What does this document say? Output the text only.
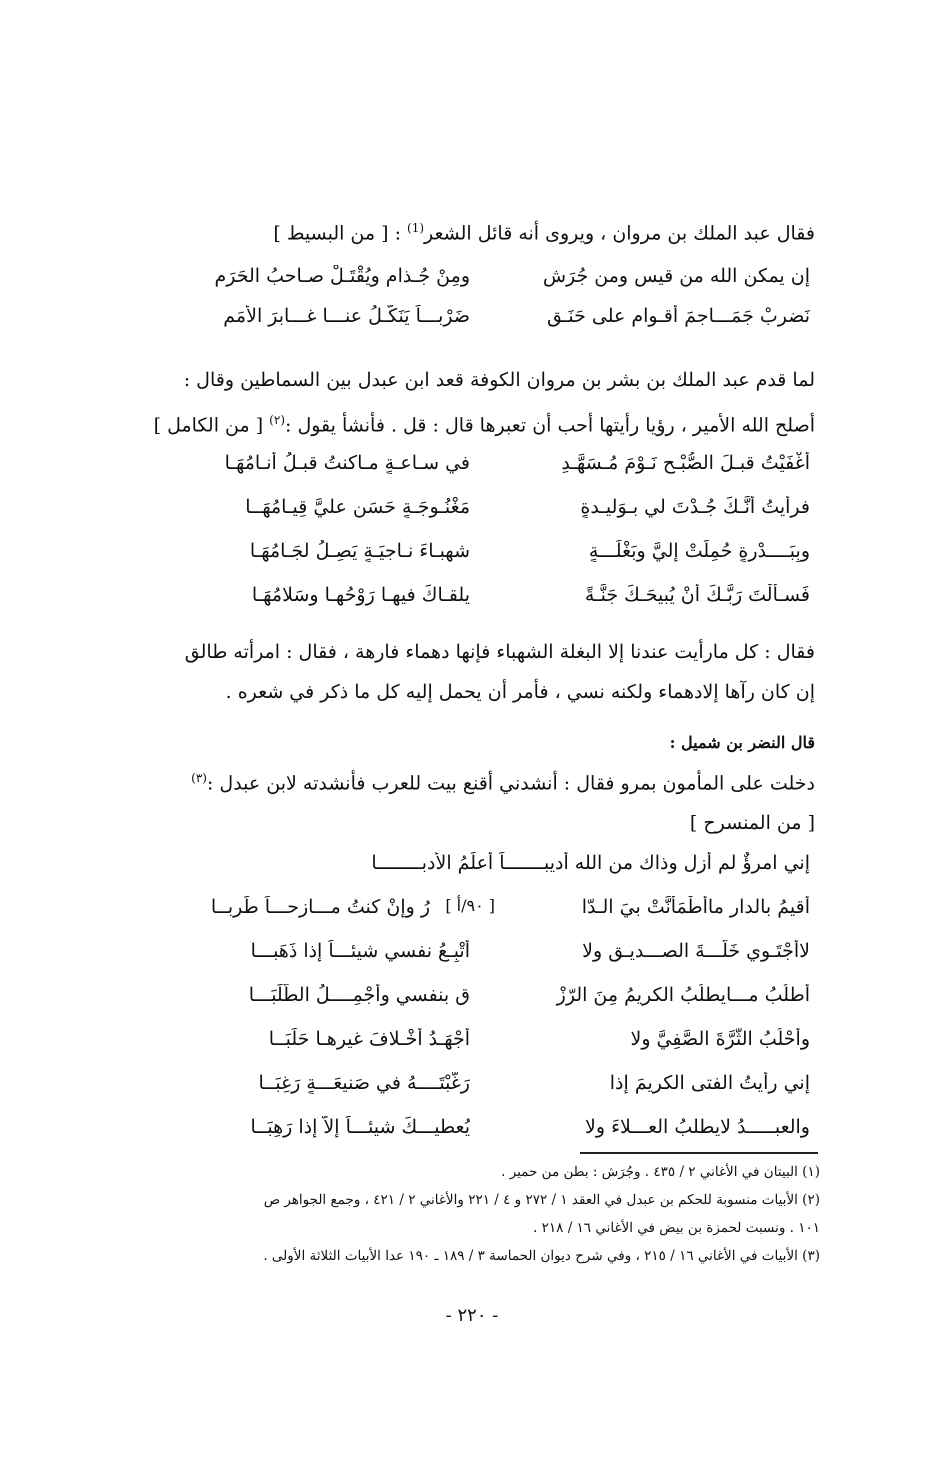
فقال عبد الملك بن مروان ، ويروى أنه قائل الشعر$^{(1)}$ : [ من البسيط ]
إن يمكن الله من قيس ومن جُرَشٍ
ومِنْ جُـذامٍ ويُقْتَـلْ صـاحبُ الحَرَمِ
نَضربْ جَمَـــاجمَ أقـوامٍ على حَنَـقٍ
ضَرْبـــاً يَنَكَّـلُ عنـــا غـــابرَ الأمَمِ
لما قدم عبد الملك بن بشر بن مروان الكوفة قعد ابن عبدل بين السماطين وقال :
أصلح الله الأمير ، رؤيا رأيتها أحب أن تعبرها قال : قل . فأنشأ يقول :$^{(٢)}$ [ من الكامل ]
أغْفَيْتُ قبـلَ الصُّبْـحِ نَـوْمَ مُـسَهَّـدِ
في سـاعـةٍ مـاكنتُ قبـلُ أنـامُهَـا
فرأيتُ أنَّـكَ جُـدْتَ لي بـوَليـدةٍ
مَغْنُـوجَـةٍ حَسَنٍ عليَّ قِيـامُهَــا
وبِبَــــدْرةٍ حُمِلَتْ إليَّ وبَغْلَـــةٍ
شهبـاءَ نـاجيَـةٍ يَصِـلُ لجَـامُهَـا
فَسـألْتَ رَبَّـكَ أنْ يُبيحَـكَ جَنَّـةً
يلقـاكَ فيهـا رَوْحُهـا وسَلامُهَـا
فقال : كل مارأيت عندنا إلا البغلة الشهباء فإنها دهماء فارهة ، فقال : امرأته طالق
إن كان رآها إلادهماء ولكنه نسي ، فأمر أن يحمل إليه كل ما ذكر في شعره .
قال النضر بن شميل :
دخلت على المأمون بمرو فقال : أنشدني أقنع بيت للعرب فأنشدته لابن عبدل :$^{(٣)}$
[ من المنسرح ]
إني امرؤٌ لم أزل وذاك من الله أديبـــــــاً أعلِّمُ الأدبــــــــا
أقيمُ بالدارِ ماأطْمَأنَّتْ بيَ الـدّا
رُ وإنْ كنتُ مـــازِحـــاً طَرِبــا [ ٩٠/أ ]
لاأجْتَـوي خَلَّـــةَ الصـــديـقِ ولا
أتْبِـعُ نفسي شيئـــاً إذا ذَهَبـــا
أطلُبُ مـــايطلُبُ الكريمُ مِنَ الرّزْ
قِ بنفسي وأُجْمِــــلُ الطّلَبَـــا
وأحْلُبُ الثَّرَّةَ الصَّفِيَّ ولا
أجْهَـدُ أخْـلافَ غيرِهـا حَلَبَــا
إني رأيتُ الفتى الكريمَ إذا
رَغّبْتَــــهُ في صَنيعَـــةٍ رَغِبَــا
والعبـــــدُ لايطلبُ العـــلاءَ ولا
يُعطيـــكَ شيئـــاً إلاّ إذا رَهِبَــا
(١) البيتان في الأغاني ٢ / ٤٣٥ . وجُرَش : بطن من حمير .
(٢) الأبيات منسوبة للحكم بن عبدل في العقد ١ / ٢٧٢ و ٤ / ٢٢١ والأغاني ٢ / ٤٢١ ، وجمع الجواهر ص
١٠١ . ونسبت لحمزة بن بيض في الأغاني ١٦ / ٢١٨ .
(٣) الأبيات في الأغاني ١٦ / ٢١٥ ، وفي شرح ديوان الحماسة ٣ / ١٨٩ ـ ١٩٠ عدا الأبيات الثلاثة الأولى .
- ٢٢٠ -
